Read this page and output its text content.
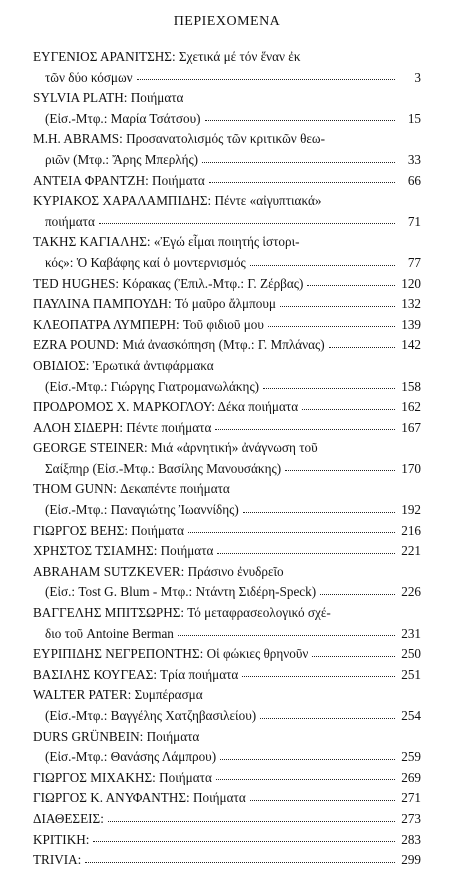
ΠΕΡΙΕΧΟΜΕΝΑ
ΕΥΓΕΝΙΟΣ ΑΡΑΝΙΤΣΗΣ: Σχετικά μέ τόν ἕναν ἐκ
τῶν δύο κόσμων	3
SYLVIA PLATH: Ποιήματα
(Εἰσ.-Μτφ.: Μαρία Τσάτσου)	15
M.H. ABRAMS: Προσανατολισμός τῶν κριτικῶν θεω-
ριῶν (Μτφ.: Ἄρης Μπερλής)	33
ΑΝΤΕΙΑ ΦΡΑΝΤΖΗ: Ποιήματα	66
ΚΥΡΙΑΚΟΣ ΧΑΡΑΛΑΜΠΙΔΗΣ: Πέντε «αἰγυπτιακά»
ποιήματα	71
ΤΑΚΗΣ ΚΑΓΙΑΛΗΣ: «Ἐγώ εἶμαι ποιητής ἱστορι-
κός»: Ὁ Καβάφης καί ὁ μοντερνισμός	77
TED HUGHES: Κόρακας (Ἐπιλ.-Μτφ.: Γ. Ζέρβας)	120
ΠΑΥΛΙΝΑ ΠΑΜΠΟΥΔΗ: Τό μαῦρο ἄλμπουμ	132
ΚΛΕΟΠΑΤΡΑ ΛΥΜΠΕΡΗ: Τοῦ φιδιοῦ μου	139
EZRA POUND: Μιά ἀνασκόπηση (Μτφ.: Γ. Μπλάνας)	142
ΟΒΙΔΙΟΣ: Ἐρωτικά ἀντιφάρμακα
(Εἰσ.-Μτφ.: Γιώργης Γιατρομανωλάκης)	158
ΠΡΟΔΡΟΜΟΣ Χ. ΜΑΡΚΟΓΛΟΥ: Δέκα ποιήματα	162
ΑΛΟΗ ΣΙΔΕΡΗ: Πέντε ποιήματα	167
GEORGE STEINER: Μιά «ἀρνητική» ἀνάγνωση τοῦ
Σαίξπηρ (Εἰσ.-Μτφ.: Βασίλης Μανουσάκης)	170
THOM GUNN: Δεκαπέντε ποιήματα
(Εἰσ.-Μτφ.: Παναγιώτης Ἰωαννίδης)	192
ΓΙΩΡΓΟΣ ΒΕΗΣ: Ποιήματα	216
ΧΡΗΣΤΟΣ ΤΣΙΑΜΗΣ: Ποιήματα	221
ABRAHAM SUTZKEVER: Πράσινο ἐνυδρεῖο
(Εἰσ.: Tost G. Blum - Μτφ.: Ντάντη Σιδέρη-Speck)	226
ΒΑΓΓΕΛΗΣ ΜΠΙΤΣΩΡΗΣ: Τό μεταφρασεολογικό σχέ-
διο τοῦ Antoine Berman	231
ΕΥΡΙΠΙΔΗΣ ΝΕΓΡΕΠΟΝΤΗΣ: Οἱ φώκιες θρηνοῦν	250
ΒΑΣΙΛΗΣ ΚΟΥΓΕΑΣ: Τρία ποιήματα	251
WALTER PATER: Συμπέρασμα
(Εἰσ.-Μτφ.: Βαγγέλης Χατζηβασιλείου)	254
DURS GRÜNBEIN: Ποιήματα
(Εἰσ.-Μτφ.: Θανάσης Λάμπρου)	259
ΓΙΩΡΓΟΣ ΜΙΧΑΚΗΣ: Ποιήματα	269
ΓΙΩΡΓΟΣ Κ. ΑΝΥΦΑΝΤΗΣ: Ποιήματα	271
ΔΙΑΘΕΣΕΙΣ:	273
ΚΡΙΤΙΚΗ:	283
TRIVIA:	299
